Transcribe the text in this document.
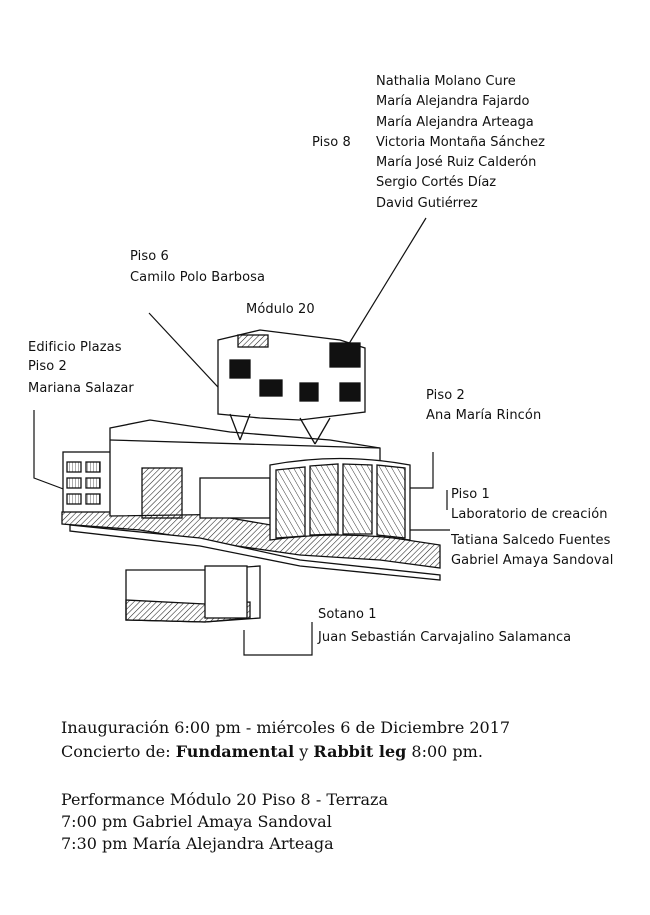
Piso 8
Nathalia Molano Cure
María Alejandra Fajardo
María Alejandra Arteaga
Victoria Montaña Sánchez
María José Ruiz Calderón
Sergio Cortés Díaz
David Gutiérrez
Piso 6
Camilo Polo Barbosa
Módulo 20
Edificio Plazas
Piso 2
Mariana Salazar	Piso 2
Ana María Rincón
Piso 1
Laboratorio de creación
Tatiana Salcedo Fuentes
Gabriel Amaya Sandoval
Sotano 1
Juan Sebastián Carvajalino Salamanca
Inauguración 6:00 pm - miércoles 6 de Diciembre 2017
Concierto de: Fundamental y Rabbit leg 8:00 pm.
Performance Módulo 20 Piso 8 - Terraza
7:00 pm Gabriel Amaya Sandoval
7:30 pm María Alejandra Arteaga
